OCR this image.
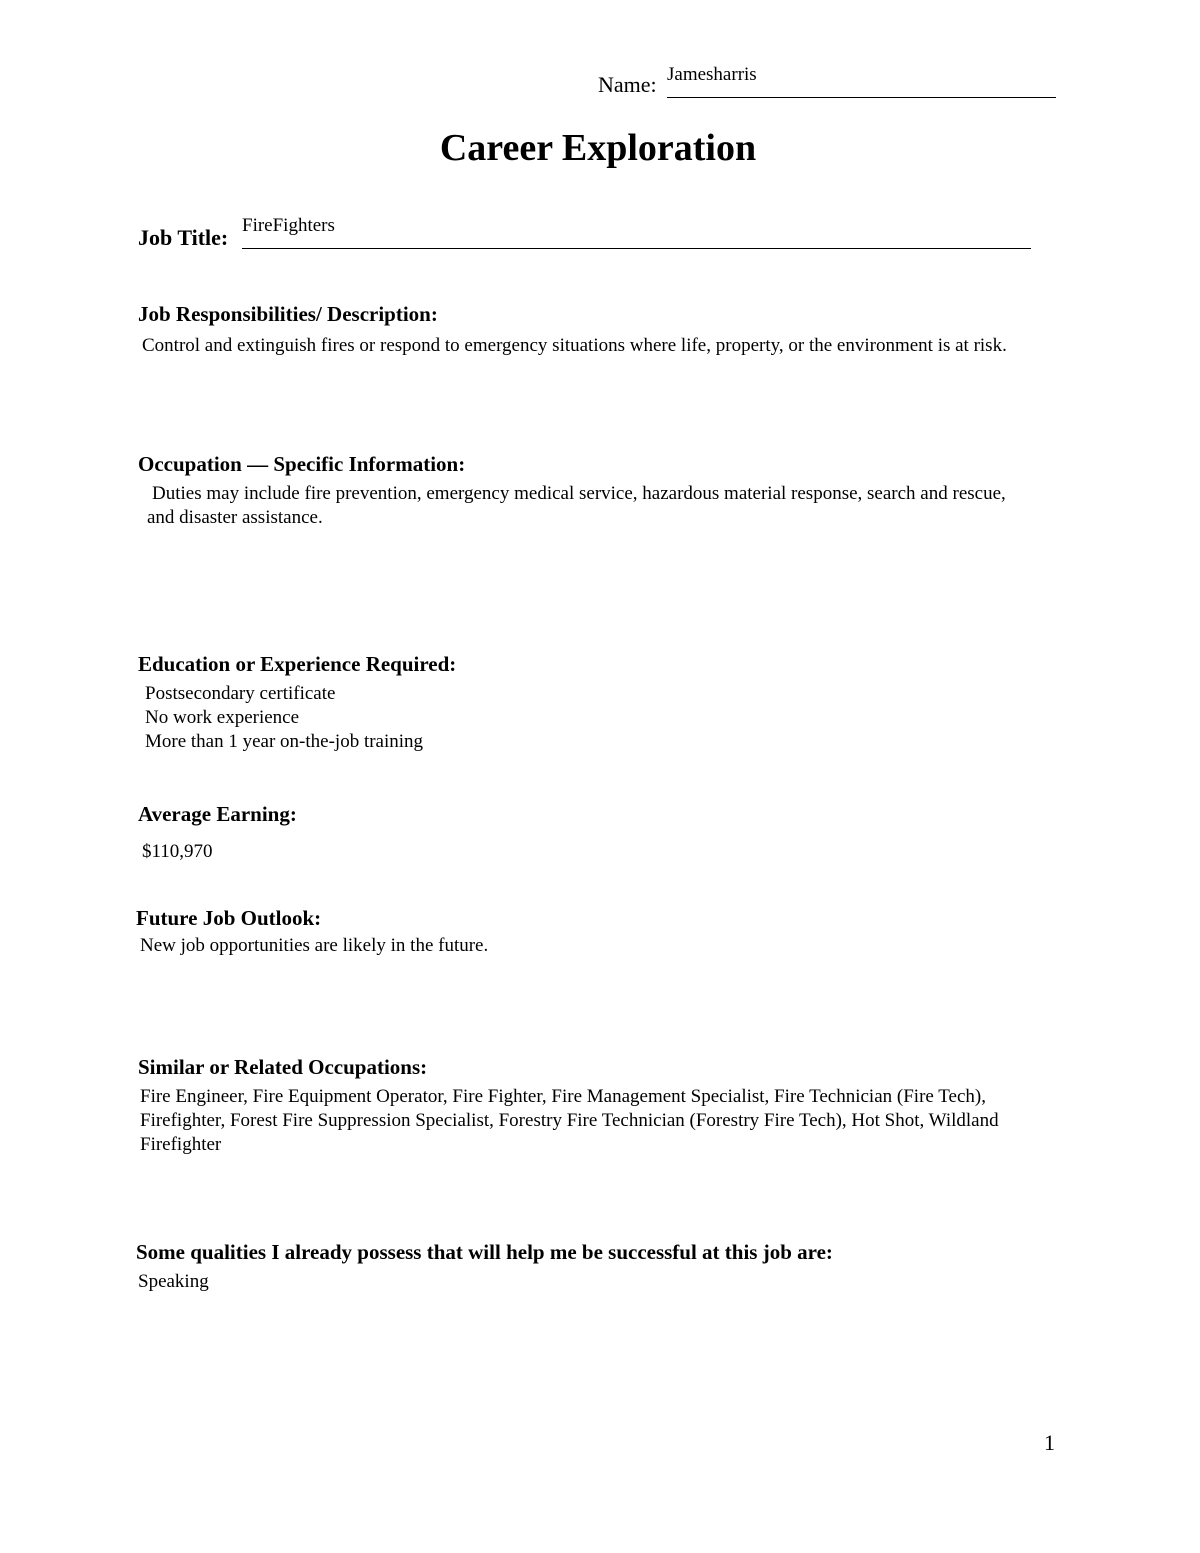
Name: Jamesharris
Career Exploration
Job Title: FireFighters
Job Responsibilities/ Description:
Control and extinguish fires or respond to emergency situations where life, property, or the environment is at risk.
Occupation — Specific Information:
Duties may include fire prevention, emergency medical service, hazardous material response, search and rescue, and disaster assistance.
Education or Experience Required:
Postsecondary certificate
No work experience
More than 1 year on-the-job training
Average Earning:
$110,970
Future Job Outlook:
New job opportunities are likely in the future.
Similar or Related Occupations:
Fire Engineer, Fire Equipment Operator, Fire Fighter, Fire Management Specialist, Fire Technician (Fire Tech), Firefighter, Forest Fire Suppression Specialist, Forestry Fire Technician (Forestry Fire Tech), Hot Shot, Wildland Firefighter
Some qualities I already possess that will help me be successful at this job are:
Speaking
1
